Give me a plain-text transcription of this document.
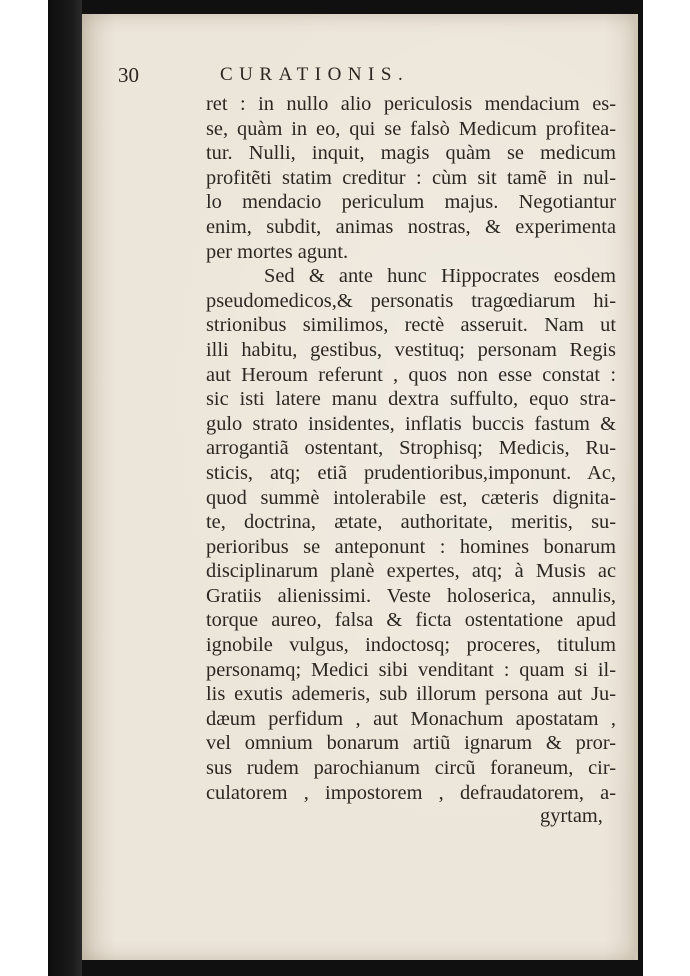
30	CURATIONIS.
ret : in nullo alio periculosis mendacium es-
se, quàm in eo, qui se falsò Medicum profitea-
tur. Nulli, inquit, magis quàm se medicum
profitẽti statim creditur : cùm sit tamẽ in nul-
lo mendacio periculum majus. Negotiantur
enim, subdit, animas nostras, & experimenta
per mortes agunt.
Sed & ante hunc Hippocrates eosdem
pseudomedicos,& personatis tragœdiarum hi-
strionibus similimos, rectè asseruit. Nam ut
illi habitu, gestibus, vestituq; personam Regis
aut Heroum referunt , quos non esse constat :
sic isti latere manu dextra suffulto, equo stra-
gulo strato insidentes, inflatis buccis fastum &
arrogantiã ostentant, Strophisq; Medicis, Ru-
sticis, atq; etiã prudentioribus,imponunt. Ac,
quod summè intolerabile est, cæteris dignita-
te, doctrina, ætate, authoritate, meritis, su-
perioribus se anteponunt : homines bonarum
disciplinarum planè expertes, atq; à Musis ac
Gratiis alienissimi. Veste holoserica, annulis,
torque aureo, falsa & ficta ostentatione apud
ignobile vulgus, indoctosq; proceres, titulum
personamq; Medici sibi venditant : quam si il-
lis exutis ademeris, sub illorum persona aut Ju-
dæum perfidum , aut Monachum apostatam ,
vel omnium bonarum artiũ ignarum & pror-
sus rudem parochianum circũ foraneum, cir-
culatorem , impostorem , defraudatorem, a-
gyrtam,
